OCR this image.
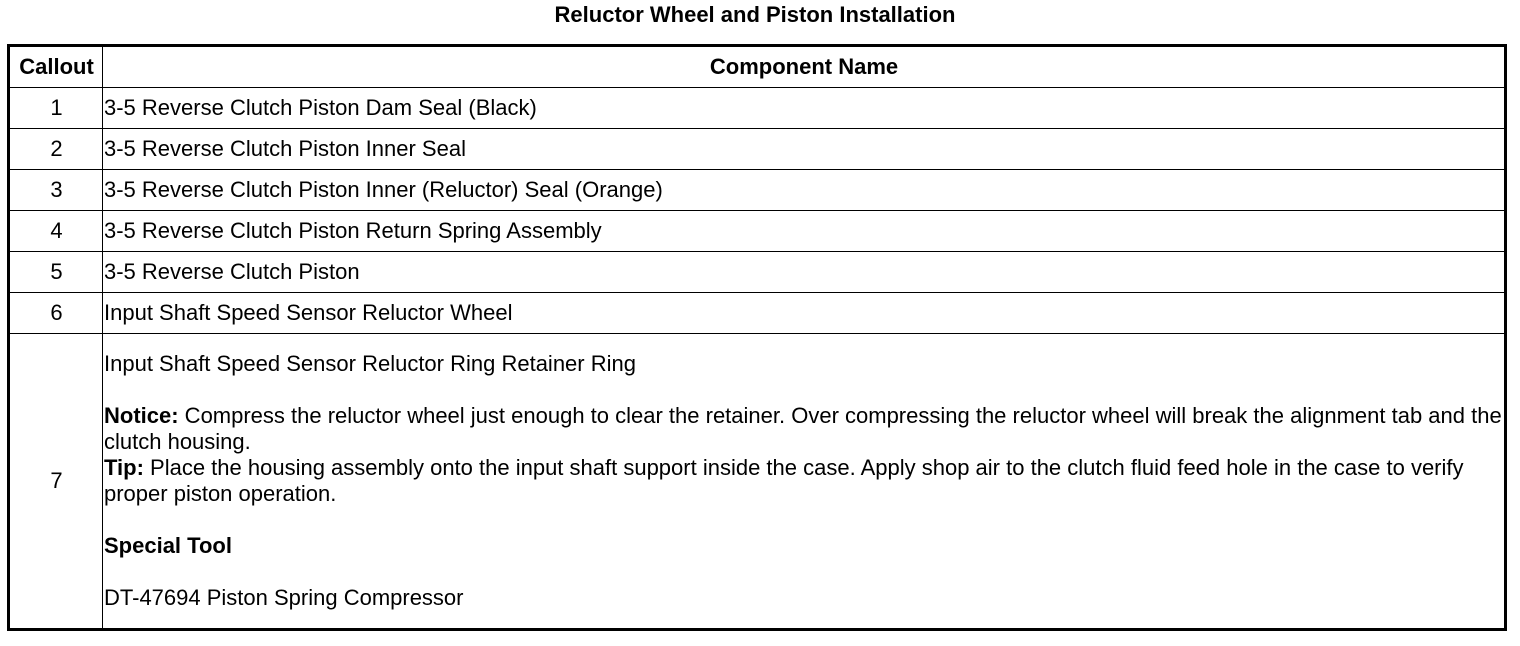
Reluctor Wheel and Piston Installation
Callout	Component Name
1	3-5 Reverse Clutch Piston Dam Seal (Black)
2	3-5 Reverse Clutch Piston Inner Seal
3	3-5 Reverse Clutch Piston Inner (Reluctor) Seal (Orange)
4	3-5 Reverse Clutch Piston Return Spring Assembly
5	3-5 Reverse Clutch Piston
6	Input Shaft Speed Sensor Reluctor Wheel
7	Input Shaft Speed Sensor Reluctor Ring Retainer Ring

Notice: Compress the reluctor wheel just enough to clear the retainer. Over compressing the reluctor wheel will break the alignment tab and the clutch housing.

Tip: Place the housing assembly onto the input shaft support inside the case. Apply shop air to the clutch fluid feed hole in the case to verify proper piston operation.

Special Tool

DT-47694 Piston Spring Compressor
